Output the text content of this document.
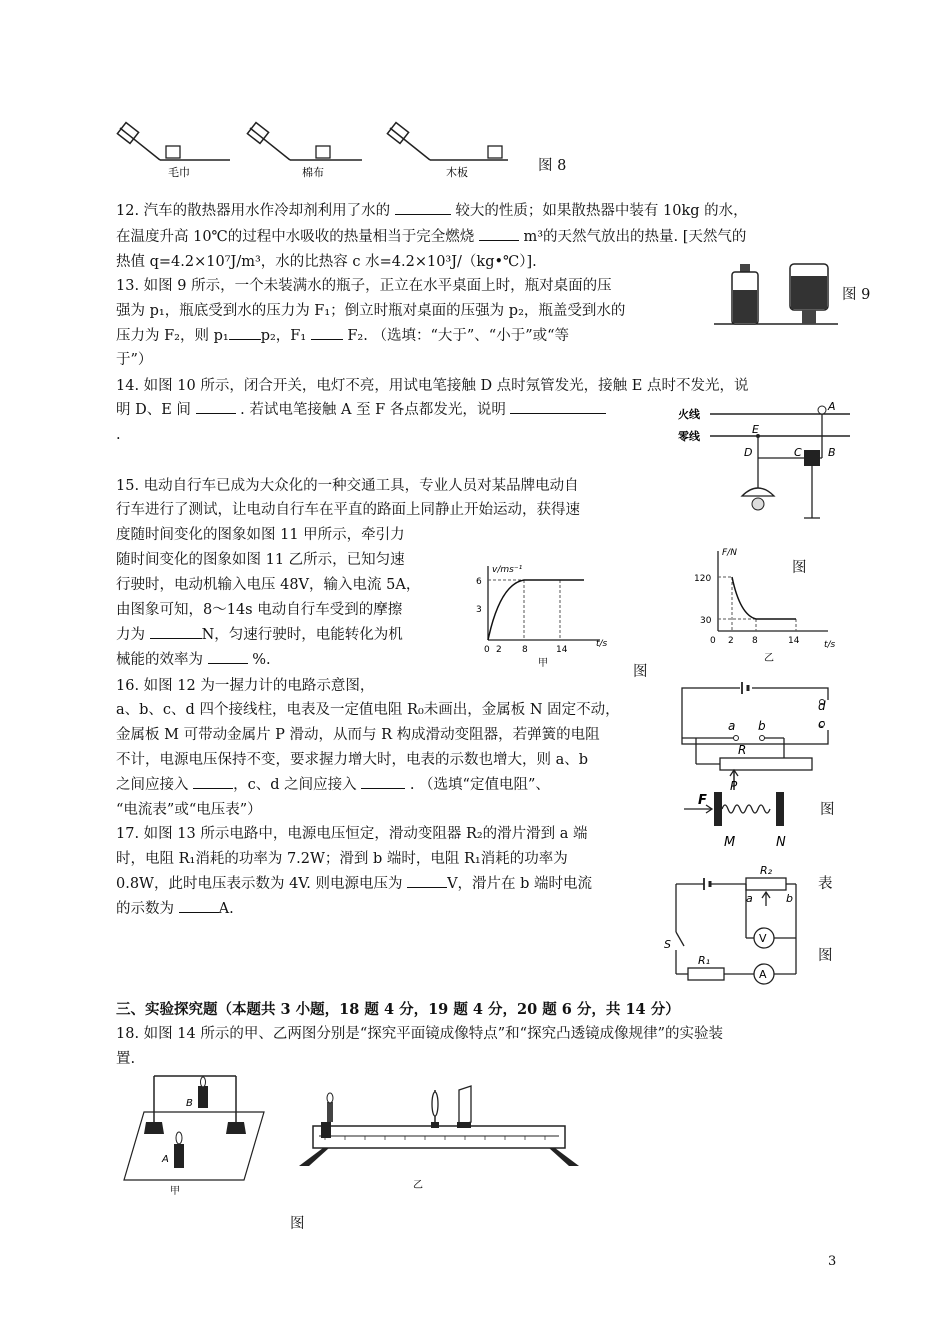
毛巾	棉布	木板	图 8
12. 汽车的散热器用水作冷却剂利用了水的	较大的性质；如果散热器中装有 10kg 的水，
在温度升高 10℃的过程中水吸收的热量相当于完全燃烧	m³的天然气放出的热量. [天然气的
热值 q=4.2×10⁷J/m³，水的比热容 c 水=4.2×10³J/（kg•℃）].
13. 如图 9 所示，一个未装满水的瓶子，正立在水平桌面上时，瓶对桌面的压
强为 p₁，瓶底受到水的压力为 F₁；倒立时瓶对桌面的压强为 p₂，瓶盖受到水的
压力为 F₂，则 p₁ p₂，F₁	F₂. （选填：“大于”、“小于”或“等
于”）
图 9
14. 如图 10 所示，闭合开关，电灯不亮，用试电笔接触 D 点时氖管发光，接触 E 点时不发光，说
明 D、E 间	. 若试电笔接触 A 至 F 各点都发光，说明
.
火线
零线
E
D	C B
A
15. 电动自行车已成为大众化的一种交通工具，专业人员对某品牌电动自
行车进行了测试，让电动自行车在平直的路面上同静止开始运动，获得速
度随时间变化的图象如图 11 甲所示，牵引力
随时间变化的图象如图 11 乙所示，已知匀速
行驶时，电动机输入电压 48V，输入电流 5A，
由图象可知，8～14s 电动自行车受到的摩擦
力为	N，匀速行驶时，电能转化为机
械能的效率为	%.
v/ms⁻¹
t/s
6
3
0 2 8	14
甲
图
F/N
t/s
120
30
0 2 8	14
乙
图
16. 如图 12 为一握力计的电路示意图，
a、b、c、d 四个接线柱，电表及一定值电阻 R₀未画出，金属板 N 固定不动，
金属板 M 可带动金属片 P 滑动，从而与 R 构成滑动变阻器，若弹簧的电阻
不计，电源电压保持不变，要求握力增大时，电表的示数也增大，则 a、b
之间应接入	，c、d 之间应接入	. （选填“定值电阻”、
“电流表”或“电压表”）
d
c
a b
R
P
F
M	N
图
17. 如图 13 所示电路中，电源电压恒定，滑动变阻器 R₂的滑片滑到 a 端
时，电阻 R₁消耗的功率为 7.2W；滑到 b 端时，电阻 R₁消耗的功率为
0.8W，此时电压表示数为 4V. 则电源电压为	V，滑片在 b 端时电流
的示数为	A.
表
图
R₂
a	b
V
S
R₁
A
三、实验探究题（本题共 3 小题，18 题 4 分，19 题 4 分，20 题 6 分，共 14 分）
18. 如图 14 所示的甲、乙两图分别是“探究平面镜成像特点”和“探究凸透镜成像规律”的实验装
置.
B
A
甲
乙
图
3
